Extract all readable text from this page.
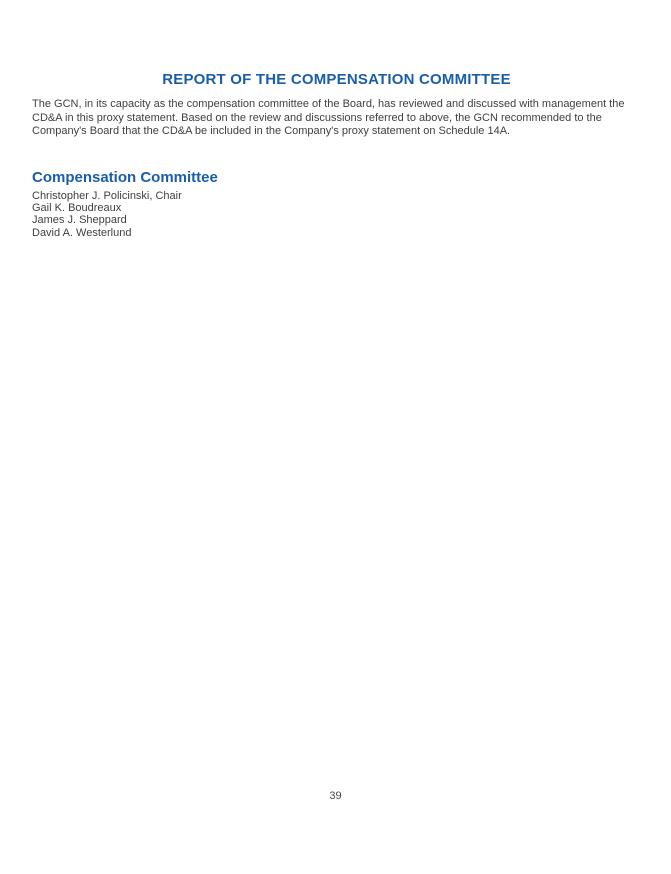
REPORT OF THE COMPENSATION COMMITTEE

The GCN, in its capacity as the compensation committee of the Board, has reviewed and discussed with management the CD&A in this proxy statement. Based on the review and discussions referred to above, the GCN recommended to the Company's Board that the CD&A be included in the Company's proxy statement on Schedule 14A.

Compensation Committee
Christopher J. Policinski, Chair
Gail K. Boudreaux
James J. Sheppard
David A. Westerlund
39
